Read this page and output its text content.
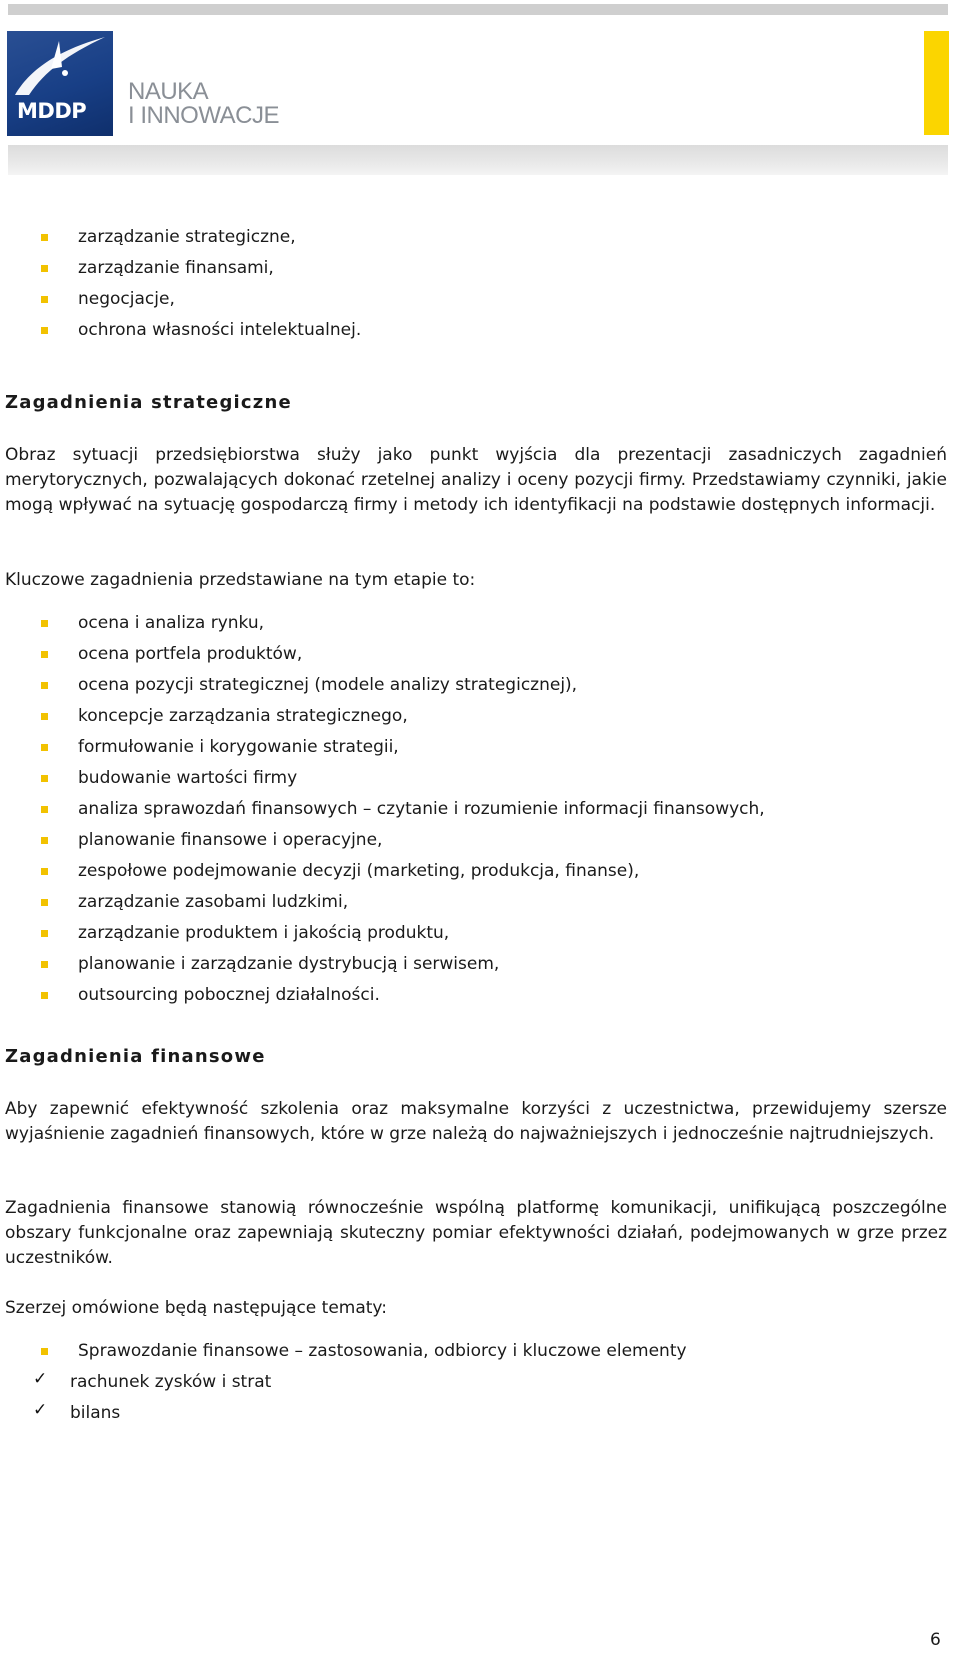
MDDP
NAUKA
I INNOWACJE
zarządzanie strategiczne,
zarządzanie finansami,
negocjacje,
ochrona własności intelektualnej.
Zagadnienia strategiczne

Obraz sytuacji przedsiębiorstwa służy jako punkt wyjścia dla prezentacji zasadniczych zagadnień merytorycznych, pozwalających dokonać rzetelnej analizy i oceny pozycji firmy. Przedstawiamy czynniki, jakie mogą wpływać na sytuację gospodarczą firmy i metody ich identyfikacji na podstawie dostępnych informacji.

Kluczowe zagadnienia przedstawiane na tym etapie to:

ocena i analiza rynku,
ocena portfela produktów,
ocena pozycji strategicznej (modele analizy strategicznej),
koncepcje zarządzania strategicznego,
formułowanie i korygowanie strategii,
budowanie wartości firmy
analiza sprawozdań finansowych – czytanie i rozumienie informacji finansowych,
planowanie finansowe i operacyjne,
zespołowe podejmowanie decyzji (marketing, produkcja, finanse),
zarządzanie zasobami ludzkimi,
zarządzanie produktem i jakością produktu,
planowanie i zarządzanie dystrybucją i serwisem,
outsourcing pobocznej działalności.
Zagadnienia finansowe

Aby zapewnić efektywność szkolenia oraz maksymalne korzyści z uczestnictwa, przewidujemy szersze wyjaśnienie zagadnień finansowych, które w grze należą do najważniejszych i jednocześnie najtrudniejszych.

Zagadnienia finansowe stanowią równocześnie wspólną platformę komunikacji, unifikującą poszczególne obszary funkcjonalne oraz zapewniają skuteczny pomiar efektywności działań, podejmowanych w grze przez uczestników.

Szerzej omówione będą następujące tematy:

Sprawozdanie finansowe – zastosowania, odbiorcy i kluczowe elementy
✓ rachunek zysków i strat
✓ bilans
6
